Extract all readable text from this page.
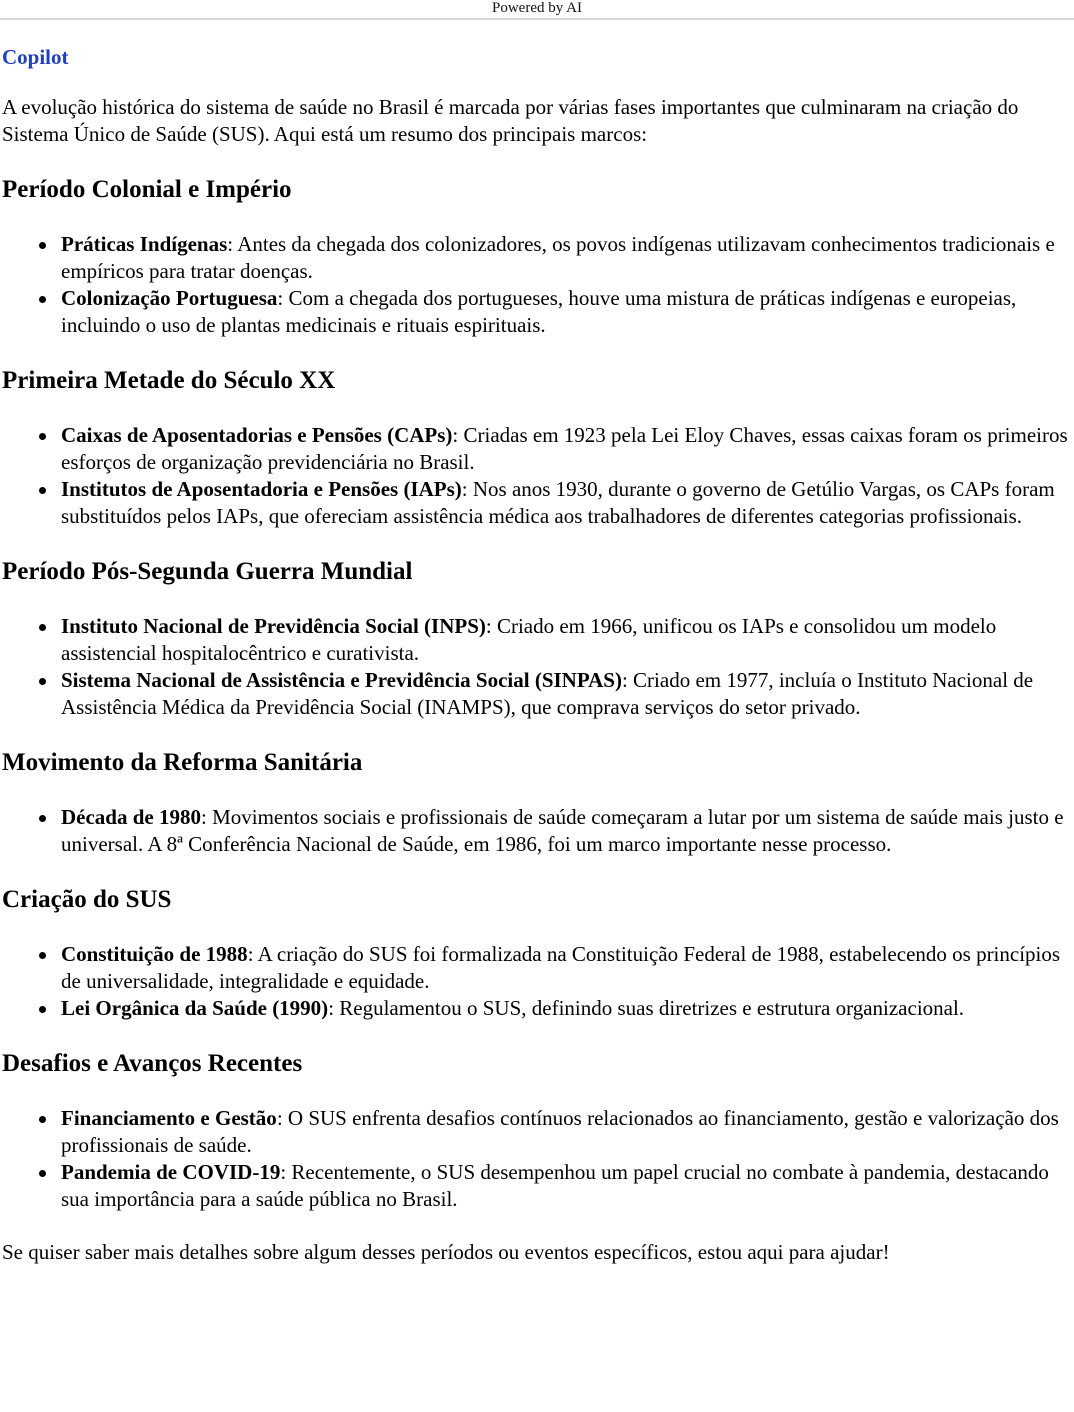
Powered by AI
Copilot

A evolução histórica do sistema de saúde no Brasil é marcada por várias fases importantes que culminaram na criação do Sistema Único de Saúde (SUS). Aqui está um resumo dos principais marcos:

Período Colonial e Império
Práticas Indígenas: Antes da chegada dos colonizadores, os povos indígenas utilizavam conhecimentos tradicionais e empíricos para tratar doenças.
Colonização Portuguesa: Com a chegada dos portugueses, houve uma mistura de práticas indígenas e europeias, incluindo o uso de plantas medicinais e rituais espirituais.
Primeira Metade do Século XX
Caixas de Aposentadorias e Pensões (CAPs): Criadas em 1923 pela Lei Eloy Chaves, essas caixas foram os primeiros esforços de organização previdenciária no Brasil.
Institutos de Aposentadoria e Pensões (IAPs): Nos anos 1930, durante o governo de Getúlio Vargas, os CAPs foram substituídos pelos IAPs, que ofereciam assistência médica aos trabalhadores de diferentes categorias profissionais.
Período Pós-Segunda Guerra Mundial
Instituto Nacional de Previdência Social (INPS): Criado em 1966, unificou os IAPs e consolidou um modelo assistencial hospitalocêntrico e curativista.
Sistema Nacional de Assistência e Previdência Social (SINPAS): Criado em 1977, incluía o Instituto Nacional de Assistência Médica da Previdência Social (INAMPS), que comprava serviços do setor privado.
Movimento da Reforma Sanitária
Década de 1980: Movimentos sociais e profissionais de saúde começaram a lutar por um sistema de saúde mais justo e universal. A 8ª Conferência Nacional de Saúde, em 1986, foi um marco importante nesse processo.
Criação do SUS
Constituição de 1988: A criação do SUS foi formalizada na Constituição Federal de 1988, estabelecendo os princípios de universalidade, integralidade e equidade.
Lei Orgânica da Saúde (1990): Regulamentou o SUS, definindo suas diretrizes e estrutura organizacional.
Desafios e Avanços Recentes
Financiamento e Gestão: O SUS enfrenta desafios contínuos relacionados ao financiamento, gestão e valorização dos profissionais de saúde.
Pandemia de COVID-19: Recentemente, o SUS desempenhou um papel crucial no combate à pandemia, destacando sua importância para a saúde pública no Brasil.

Se quiser saber mais detalhes sobre algum desses períodos ou eventos específicos, estou aqui para ajudar!
